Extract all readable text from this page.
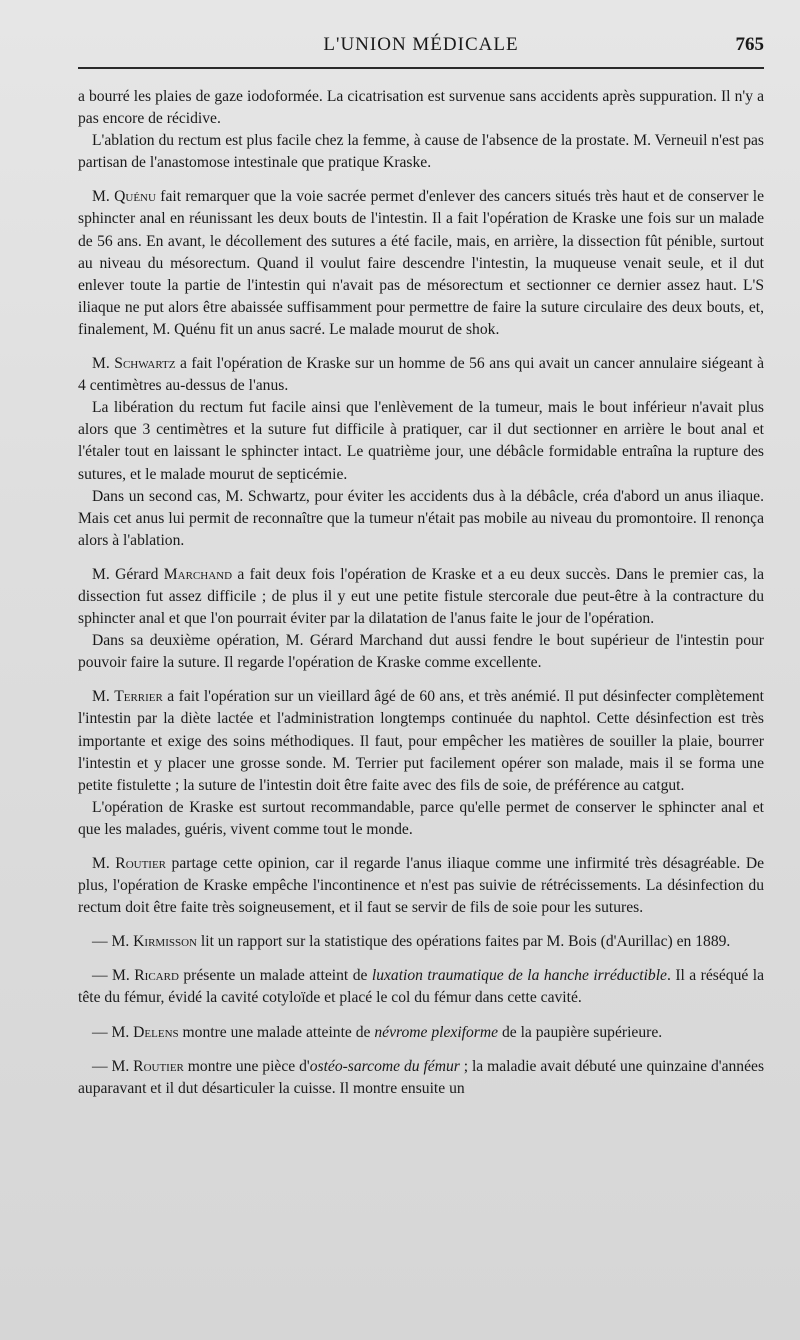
L'UNION MÉDICALE	765

a bourré les plaies de gaze iodoformée. La cicatrisation est survenue sans accidents après suppuration. Il n'y a pas encore de récidive.

L'ablation du rectum est plus facile chez la femme, à cause de l'absence de la prostate. M. Verneuil n'est pas partisan de l'anastomose intestinale que pratique Kraske.

M. Quénu fait remarquer que la voie sacrée permet d'enlever des cancers situés très haut et de conserver le sphincter anal en réunissant les deux bouts de l'intestin. Il a fait l'opération de Kraske une fois sur un malade de 56 ans. En avant, le décollement des sutures a été facile, mais, en arrière, la dissection fût pénible, surtout au niveau du mésorectum. Quand il voulut faire descendre l'intestin, la muqueuse venait seule, et il dut enlever toute la partie de l'intestin qui n'avait pas de mésorectum et sectionner ce dernier assez haut. L'S iliaque ne put alors être abaissée suffisamment pour permettre de faire la suture circulaire des deux bouts, et, finalement, M. Quénu fit un anus sacré. Le malade mourut de shok.

M. Schwartz a fait l'opération de Kraske sur un homme de 56 ans qui avait un cancer annulaire siégeant à 4 centimètres au-dessus de l'anus.

La libération du rectum fut facile ainsi que l'enlèvement de la tumeur, mais le bout inférieur n'avait plus alors que 3 centimètres et la suture fut difficile à pratiquer, car il dut sectionner en arrière le bout anal et l'étaler tout en laissant le sphincter intact. Le quatrième jour, une débâcle formidable entraîna la rupture des sutures, et le malade mourut de septicémie.

Dans un second cas, M. Schwartz, pour éviter les accidents dus à la débâcle, créa d'abord un anus iliaque. Mais cet anus lui permit de reconnaître que la tumeur n'était pas mobile au niveau du promontoire. Il renonça alors à l'ablation.

M. Gérard Marchand a fait deux fois l'opération de Kraske et a eu deux succès. Dans le premier cas, la dissection fut assez difficile ; de plus il y eut une petite fistule stercorale due peut-être à la contracture du sphincter anal et que l'on pourrait éviter par la dilatation de l'anus faite le jour de l'opération.

Dans sa deuxième opération, M. Gérard Marchand dut aussi fendre le bout supérieur de l'intestin pour pouvoir faire la suture. Il regarde l'opération de Kraske comme excellente.

M. Terrier a fait l'opération sur un vieillard âgé de 60 ans, et très anémié. Il put désinfecter complètement l'intestin par la diète lactée et l'administration longtemps continuée du naphtol. Cette désinfection est très importante et exige des soins méthodiques. Il faut, pour empêcher les matières de souiller la plaie, bourrer l'intestin et y placer une grosse sonde. M. Terrier put facilement opérer son malade, mais il se forma une petite fistulette ; la suture de l'intestin doit être faite avec des fils de soie, de préférence au catgut.

L'opération de Kraske est surtout recommandable, parce qu'elle permet de conserver le sphincter anal et que les malades, guéris, vivent comme tout le monde.

M. Routier partage cette opinion, car il regarde l'anus iliaque comme une infirmité très désagréable. De plus, l'opération de Kraske empêche l'incontinence et n'est pas suivie de rétrécissements. La désinfection du rectum doit être faite très soigneusement, et il faut se servir de fils de soie pour les sutures.

— M. Kirmisson lit un rapport sur la statistique des opérations faites par M. Bois (d'Aurillac) en 1889.

— M. Ricard présente un malade atteint de luxation traumatique de la hanche irréductible. Il a réséqué la tête du fémur, évidé la cavité cotyloïde et placé le col du fémur dans cette cavité.

— M. Delens montre une malade atteinte de névrome plexiforme de la paupière supérieure.

— M. Routier montre une pièce d'ostéo-sarcome du fémur ; la maladie avait débuté une quinzaine d'années auparavant et il dut désarticuler la cuisse. Il montre ensuite un
